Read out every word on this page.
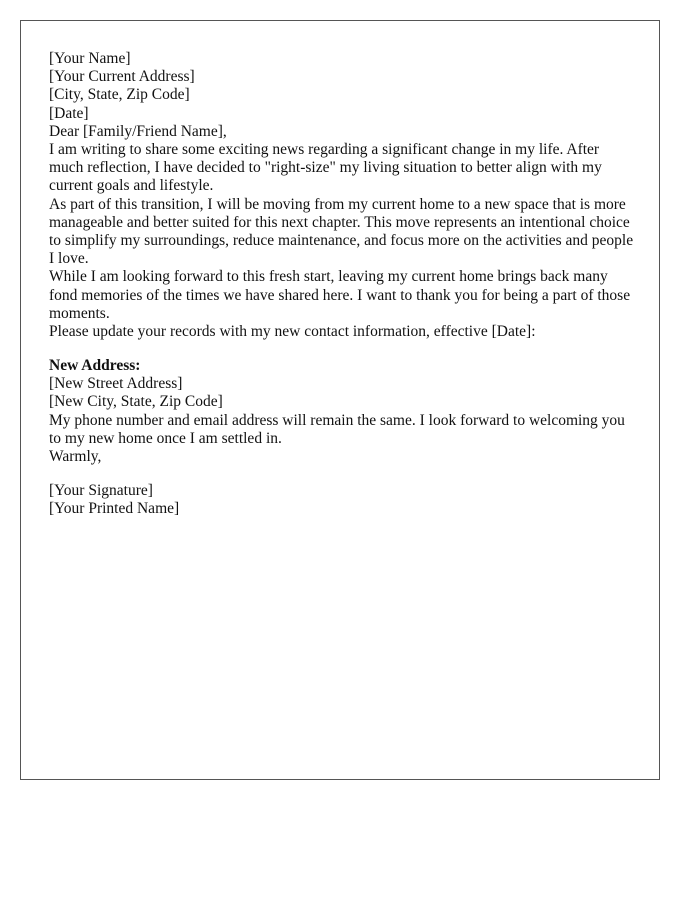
[Your Name]
[Your Current Address]
[City, State, Zip Code]
[Date]

Dear [Family/Friend Name],

I am writing to share some exciting news regarding a significant change in my life. After much reflection, I have decided to "right-size" my living situation to better align with my current goals and lifestyle.

As part of this transition, I will be moving from my current home to a new space that is more manageable and better suited for this next chapter. This move represents an intentional choice to simplify my surroundings, reduce maintenance, and focus more on the activities and people I love.

While I am looking forward to this fresh start, leaving my current home brings back many fond memories of the times we have shared here. I want to thank you for being a part of those moments.

Please update your records with my new contact information, effective [Date]:

New Address:
[New Street Address]
[New City, State, Zip Code]

My phone number and email address will remain the same. I look forward to welcoming you to my new home once I am settled in.

Warmly,

[Your Signature]
[Your Printed Name]
